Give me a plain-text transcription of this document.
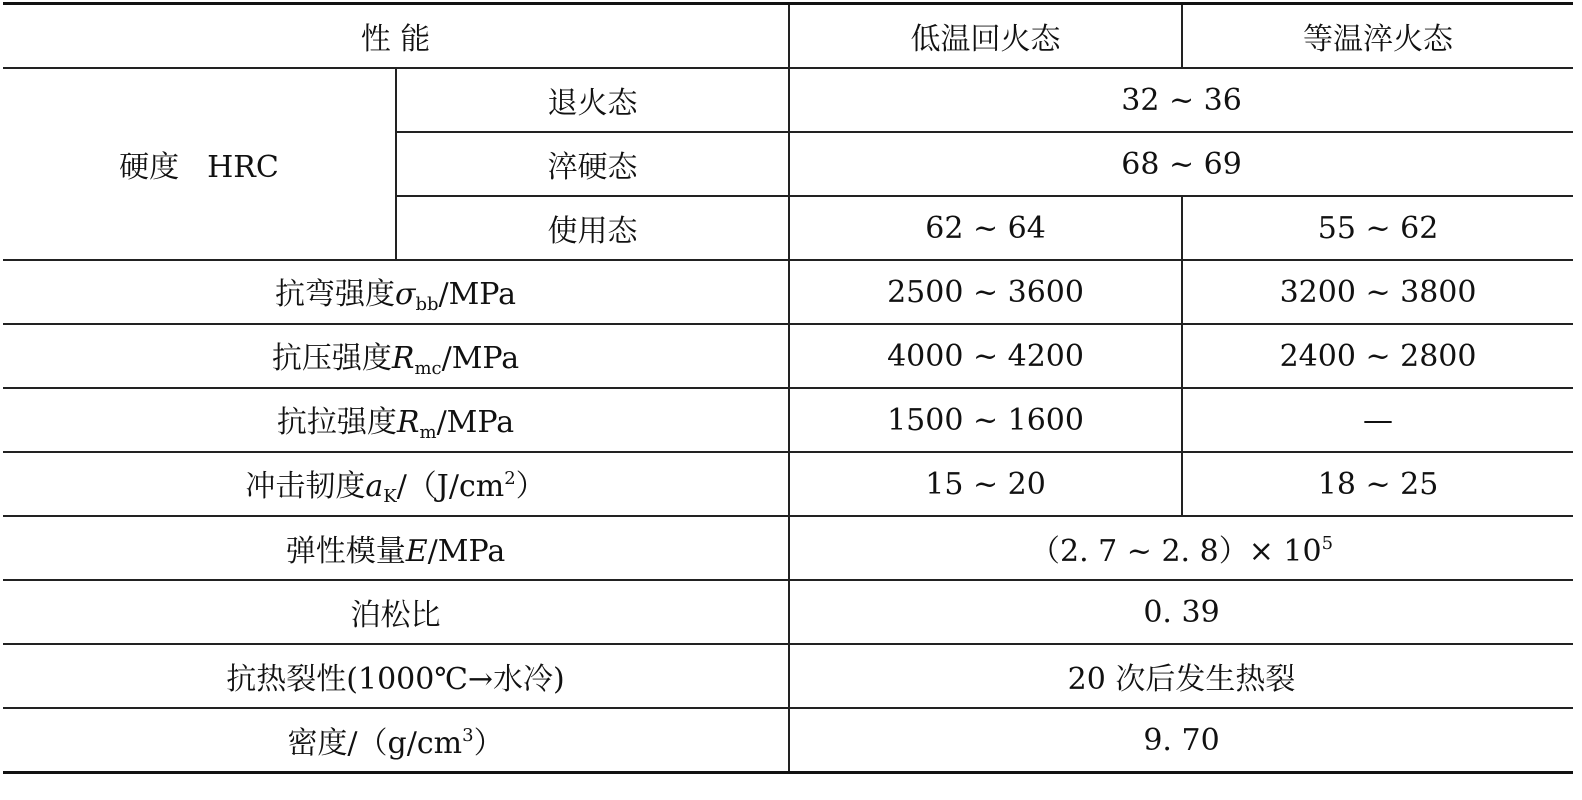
性 能		低温回火态	等温淬火态
硬度 HRC	退火态	32 ~ 36	
	淬硬态	68 ~ 69	
	使用态	62 ~ 64	55 ~ 62
抗弯强度$\sigma_{bb}$/MPa		2500 ~ 3600	3200 ~ 3800
抗压强度$R_{mc}$/MPa		4000 ~ 4200	2400 ~ 2800
抗拉强度$R_m$/MPa		1500 ~ 1600	—
冲击韧度$a_K/(J/cm^2)$		15 ~ 20	18 ~ 25
弹性模量E/MPa		（2. 7 ~ 2. $8)\times 10^5$
泊松比		0. 39	
抗热裂性(1000℃→水冷)		20 次后发生热裂	
密度$/(g/cm^3)$		9. 70	
